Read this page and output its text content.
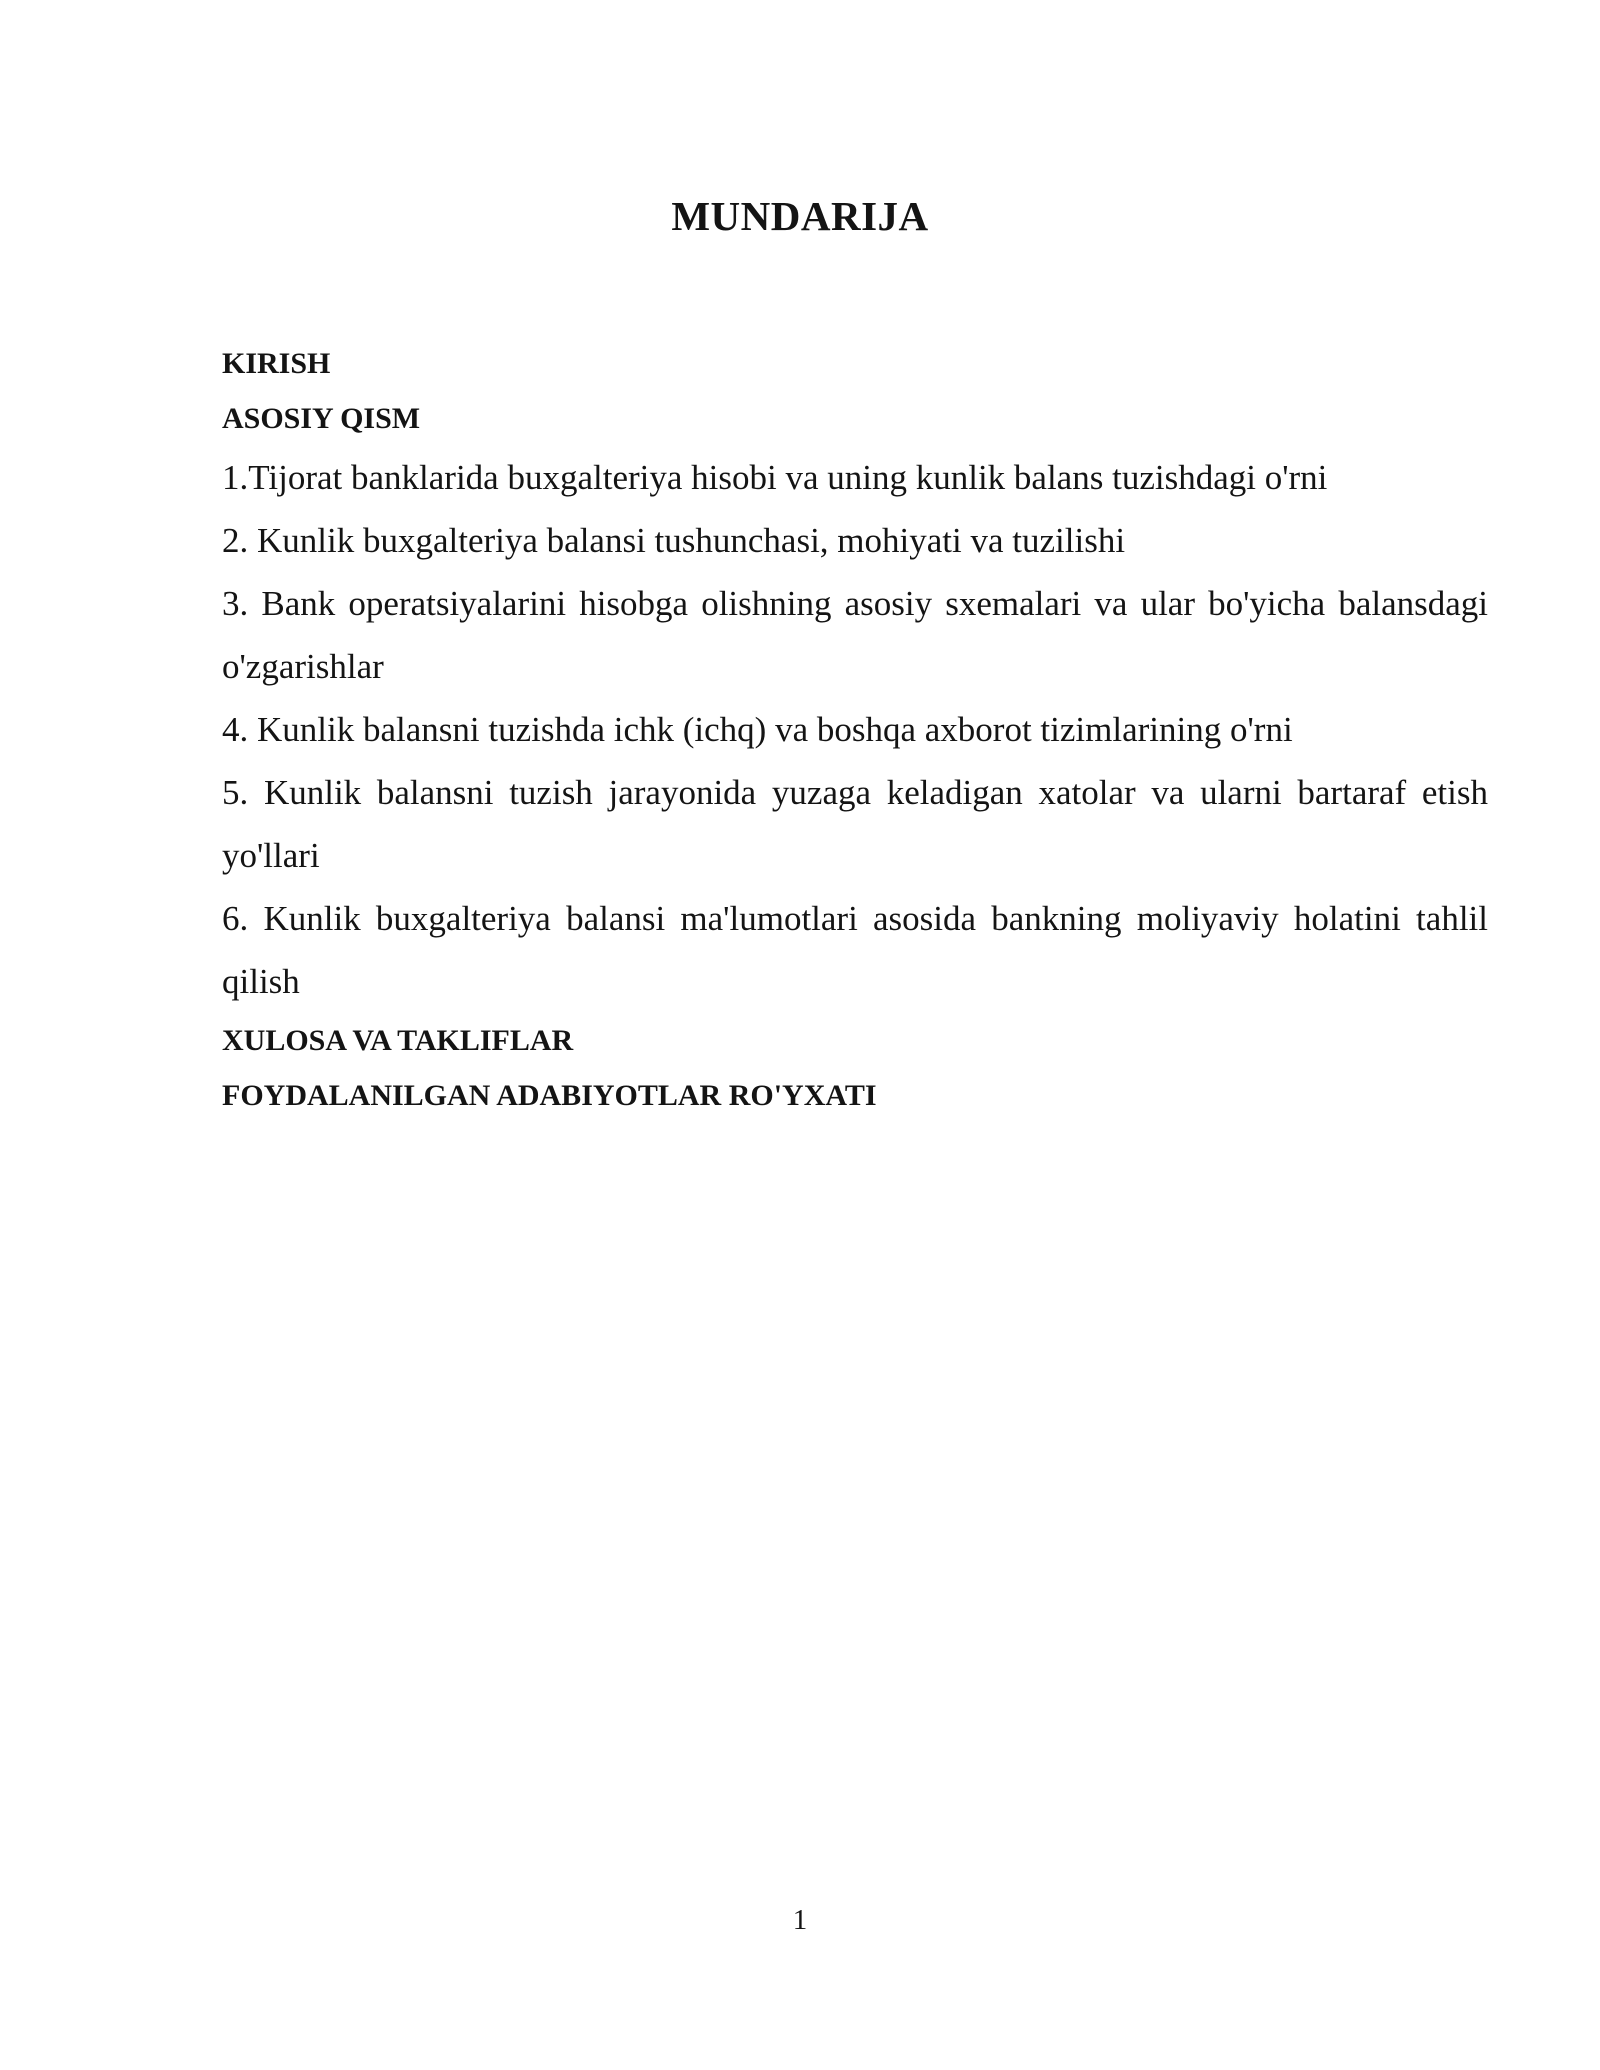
MUNDARIJA

KIRISH

ASOSIY QISM

1.Tijorat banklarida buxgalteriya hisobi va uning kunlik balans tuzishdagi o'rni

2. Kunlik buxgalteriya balansi tushunchasi, mohiyati va tuzilishi

3. Bank operatsiyalarini hisobga olishning asosiy sxemalari va ular bo'yicha balansdagi o'zgarishlar

4. Kunlik balansni tuzishda ichk (ichq) va boshqa axborot tizimlarining o'rni

5. Kunlik balansni tuzish jarayonida yuzaga keladigan xatolar va ularni bartaraf etish yo'llari

6. Kunlik buxgalteriya balansi ma'lumotlari asosida bankning moliyaviy holatini tahlil qilish

XULOSA VA TAKLIFLAR

FOYDALANILGAN ADABIYOTLAR RO'YXATI

1
